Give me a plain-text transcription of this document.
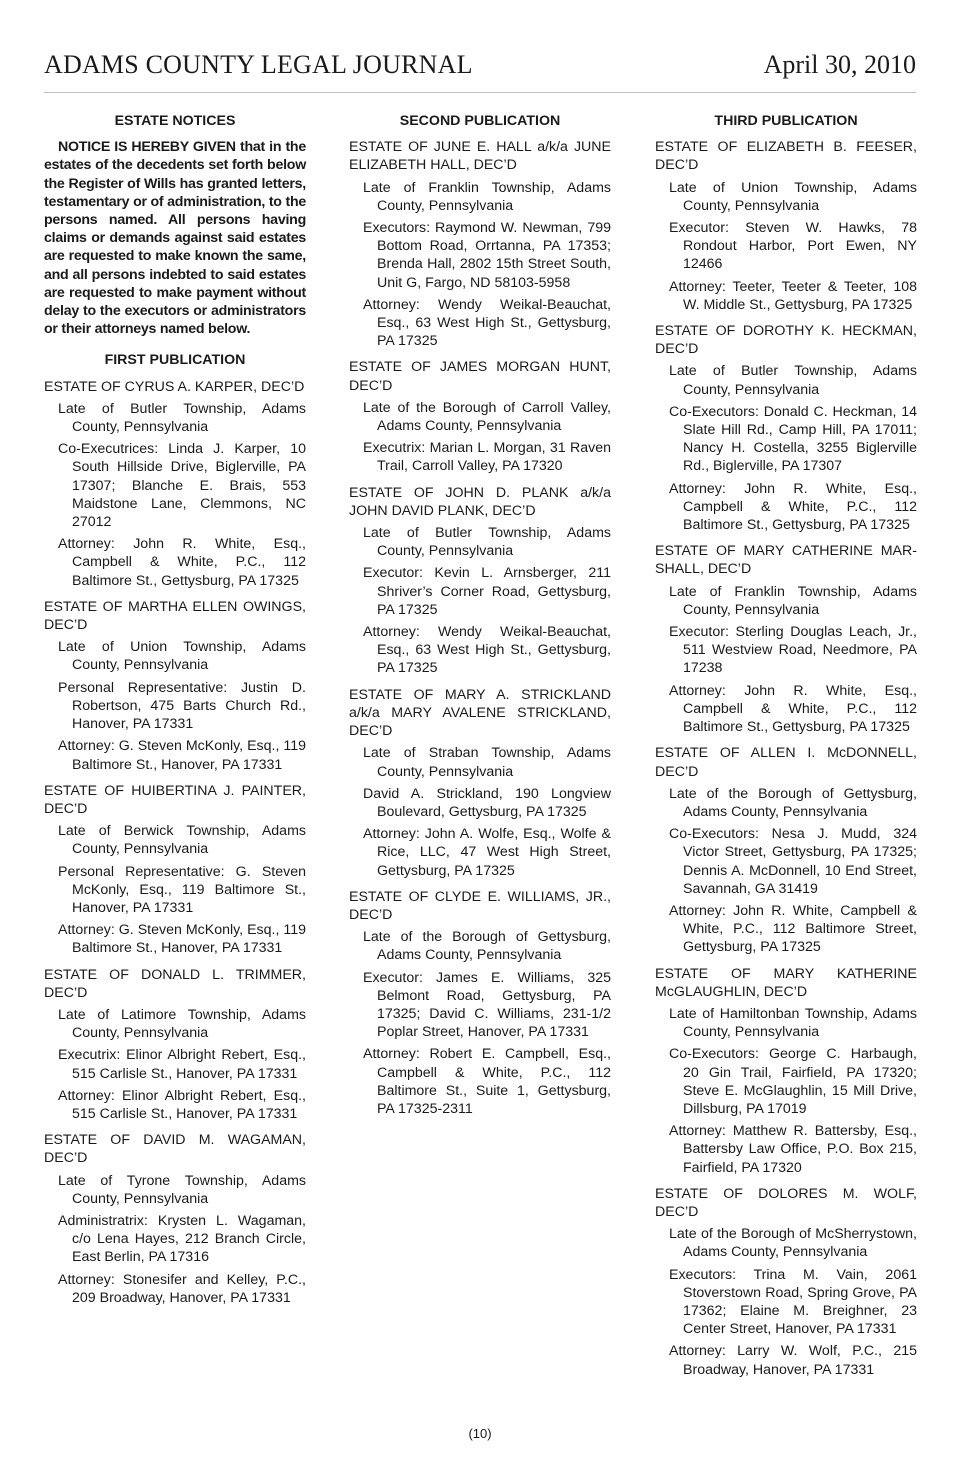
ADAMS COUNTY LEGAL JOURNAL	April 30, 2010
ESTATE NOTICES

NOTICE IS HEREBY GIVEN that in the estates of the decedents set forth below the Register of Wills has granted letters, testamentary or of administration, to the persons named. All persons having claims or demands against said estates are requested to make known the same, and all persons indebted to said estates are requested to make payment without delay to the executors or administrators or their attorneys named below.

FIRST PUBLICATION
ESTATE OF CYRUS A. KARPER, DEC’D
Late of Butler Township, Adams County, Pennsylvania
Co-Executrices: Linda J. Karper, 10 South Hillside Drive, Biglerville, PA 17307; Blanche E. Brais, 553 Maidstone Lane, Clemmons, NC 27012
Attorney: John R. White, Esq., Campbell & White, P.C., 112 Baltimore St., Gettysburg, PA 17325
ESTATE OF MARTHA ELLEN OWINGS, DEC’D
Late of Union Township, Adams County, Pennsylvania
Personal Representative: Justin D. Robertson, 475 Barts Church Rd., Hanover, PA 17331
Attorney: G. Steven McKonly, Esq., 119 Baltimore St., Hanover, PA 17331
ESTATE OF HUIBERTINA J. PAINTER, DEC’D
Late of Berwick Township, Adams County, Pennsylvania
Personal Representative: G. Steven McKonly, Esq., 119 Baltimore St., Hanover, PA 17331
Attorney: G. Steven McKonly, Esq., 119 Baltimore St., Hanover, PA 17331
ESTATE OF DONALD L. TRIMMER, DEC’D
Late of Latimore Township, Adams County, Pennsylvania
Executrix: Elinor Albright Rebert, Esq., 515 Carlisle St., Hanover, PA 17331
Attorney: Elinor Albright Rebert, Esq., 515 Carlisle St., Hanover, PA 17331
ESTATE OF DAVID M. WAGAMAN, DEC’D
Late of Tyrone Township, Adams County, Pennsylvania
Administratrix: Krysten L. Wagaman, c/o Lena Hayes, 212 Branch Circle, East Berlin, PA 17316
Attorney: Stonesifer and Kelley, P.C., 209 Broadway, Hanover, PA 17331
SECOND PUBLICATION
ESTATE OF JUNE E. HALL a/k/a JUNE ELIZABETH HALL, DEC’D
Late of Franklin Township, Adams County, Pennsylvania
Executors: Raymond W. Newman, 799 Bottom Road, Orrtanna, PA 17353; Brenda Hall, 2802 15th Street South, Unit G, Fargo, ND 58103-5958
Attorney: Wendy Weikal-Beauchat, Esq., 63 West High St., Gettysburg, PA 17325
ESTATE OF JAMES MORGAN HUNT, DEC’D
Late of the Borough of Carroll Valley, Adams County, Pennsylvania
Executrix: Marian L. Morgan, 31 Raven Trail, Carroll Valley, PA 17320
ESTATE OF JOHN D. PLANK a/k/a JOHN DAVID PLANK, DEC’D
Late of Butler Township, Adams County, Pennsylvania
Executor: Kevin L. Arnsberger, 211 Shriver’s Corner Road, Gettysburg, PA 17325
Attorney: Wendy Weikal-Beauchat, Esq., 63 West High St., Gettysburg, PA 17325
ESTATE OF MARY A. STRICKLAND a/k/a MARY AVALENE STRICKLAND, DEC’D
Late of Straban Township, Adams County, Pennsylvania
David A. Strickland, 190 Longview Boulevard, Gettysburg, PA 17325
Attorney: John A. Wolfe, Esq., Wolfe & Rice, LLC, 47 West High Street, Gettysburg, PA 17325
ESTATE OF CLYDE E. WILLIAMS, JR., DEC’D
Late of the Borough of Gettysburg, Adams County, Pennsylvania
Executor: James E. Williams, 325 Belmont Road, Gettysburg, PA 17325; David C. Williams, 231-1/2 Poplar Street, Hanover, PA 17331
Attorney: Robert E. Campbell, Esq., Campbell & White, P.C., 112 Baltimore St., Suite 1, Gettysburg, PA 17325-2311
THIRD PUBLICATION
ESTATE OF ELIZABETH B. FEESER, DEC’D
Late of Union Township, Adams County, Pennsylvania
Executor: Steven W. Hawks, 78 Rondout Harbor, Port Ewen, NY 12466
Attorney: Teeter, Teeter & Teeter, 108 W. Middle St., Gettysburg, PA 17325
ESTATE OF DOROTHY K. HECKMAN, DEC’D
Late of Butler Township, Adams County, Pennsylvania
Co-Executors: Donald C. Heckman, 14 Slate Hill Rd., Camp Hill, PA 17011; Nancy H. Costella, 3255 Biglerville Rd., Biglerville, PA 17307
Attorney: John R. White, Esq., Campbell & White, P.C., 112 Baltimore St., Gettysburg, PA 17325
ESTATE OF MARY CATHERINE MARSHALL, DEC’D
Late of Franklin Township, Adams County, Pennsylvania
Executor: Sterling Douglas Leach, Jr., 511 Westview Road, Needmore, PA 17238
Attorney: John R. White, Esq., Campbell & White, P.C., 112 Baltimore St., Gettysburg, PA 17325
ESTATE OF ALLEN I. McDONNELL, DEC’D
Late of the Borough of Gettysburg, Adams County, Pennsylvania
Co-Executors: Nesa J. Mudd, 324 Victor Street, Gettysburg, PA 17325; Dennis A. McDonnell, 10 End Street, Savannah, GA 31419
Attorney: John R. White, Campbell & White, P.C., 112 Baltimore Street, Gettysburg, PA 17325
ESTATE OF MARY KATHERINE McGLAUGHLIN, DEC’D
Late of Hamiltonban Township, Adams County, Pennsylvania
Co-Executors: George C. Harbaugh, 20 Gin Trail, Fairfield, PA 17320; Steve E. McGlaughlin, 15 Mill Drive, Dillsburg, PA 17019
Attorney: Matthew R. Battersby, Esq., Battersby Law Office, P.O. Box 215, Fairfield, PA 17320
ESTATE OF DOLORES M. WOLF, DEC’D
Late of the Borough of McSherrystown, Adams County, Pennsylvania
Executors: Trina M. Vain, 2061 Stoverstown Road, Spring Grove, PA 17362; Elaine M. Breighner, 23 Center Street, Hanover, PA 17331
Attorney: Larry W. Wolf, P.C., 215 Broadway, Hanover, PA 17331
(10)
